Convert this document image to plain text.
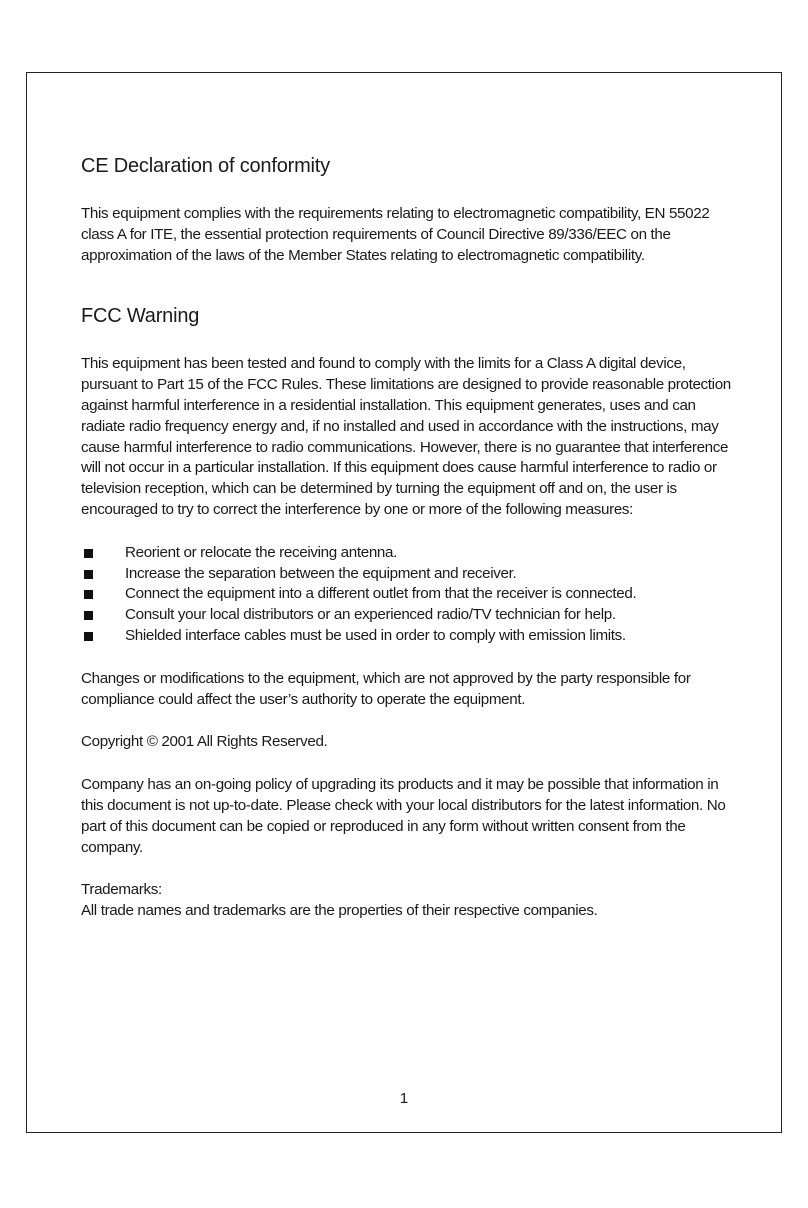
CE Declaration of conformity

This equipment complies with the requirements relating to electromagnetic compatibility, EN 55022 class A for ITE, the essential protection requirements of Council Directive 89/336/EEC on the approximation of the laws of the Member States relating to electromagnetic compatibility.

FCC Warning

This equipment has been tested and found to comply with the limits for a Class A digital device, pursuant to Part 15 of the FCC Rules. These limitations are designed to provide reasonable protection against harmful interference in a residential installation. This equipment generates, uses and can radiate radio frequency energy and, if no installed and used in accordance with the instructions, may cause harmful interference to radio communications. However, there is no guarantee that interference will not occur in a particular installation. If this equipment does cause harmful interference to radio or television reception, which can be determined by turning the equipment off and on, the user is encouraged to try to correct the interference by one or more of the following measures:

Reorient or relocate the receiving antenna.
Increase the separation between the equipment and receiver.
Connect the equipment into a different outlet from that the receiver is connected.
Consult your local distributors or an experienced radio/TV technician for help.
Shielded interface cables must be used in order to comply with emission limits.

Changes or modifications to the equipment, which are not approved by the party responsible for compliance could affect the user’s authority to operate the equipment.

Copyright © 2001 All Rights Reserved.

Company has an on-going policy of upgrading its products and it may be possible that information in this document is not up-to-date. Please check with your local distributors for the latest information. No part of this document can be copied or reproduced in any form without written consent from the company.

Trademarks:

All trade names and trademarks are the properties of their respective companies.

1
